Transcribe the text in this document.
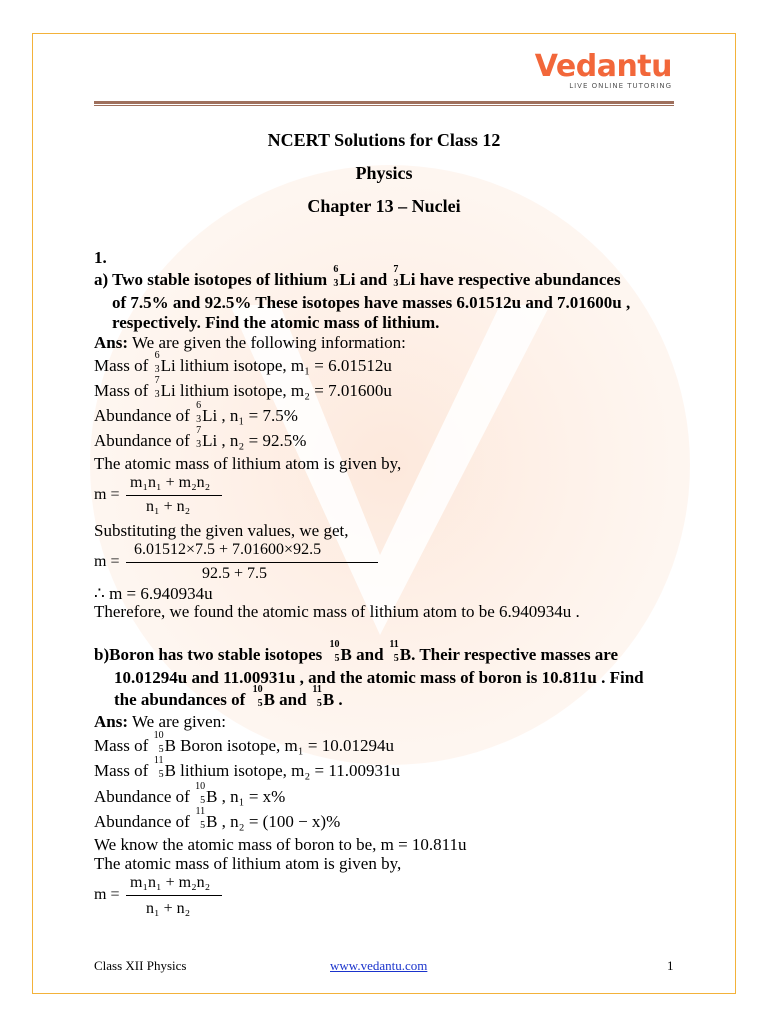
Vedantu
LIVE ONLINE TUTORING
NCERT Solutions for Class 12
Physics
Chapter 13 – Nuclei
1.
a) Two stable isotopes of lithium
6
3 Li and
7
3 Li have respective abundances
of 7.5% and 92.5% These isotopes have masses 6.01512u and 7.01600u ,
respectively. Find the atomic mass of lithium.
Ans: We are given the following information:
Mass of
6
3 Li lithium isotope, m₁ = 6.01512u
Mass of
7
3 Li lithium isotope, m₂ = 7.01600u
Abundance of
6
3 Li , n₁ = 7.5%
Abundance of
7
3 Li , n₂ = 92.5%
The atomic mass of lithium atom is given by,
m =
m₁n₁ + m₂n₂
n₁ + n₂
Substituting the given values, we get,
m =
6.01512×7.5 + 7.01600×92.5
92.5 + 7.5
∴ m = 6.940934u
Therefore, we found the atomic mass of lithium atom to be 6.940934u .
b)Boron has two stable isotopes
10
5 B and
11
5 B. Their respective masses are
10.01294u and 11.00931u , and the atomic mass of boron is 10.811u . Find
the abundances of
10
5 B and
11
5 B .
Ans: We are given:
Mass of
10
5 B Boron isotope, m₁ = 10.01294u
Mass of
11
5 B lithium isotope, m₂ = 11.00931u
Abundance of
10
5 B , n₁ = x%
Abundance of
11
5 B , n₂ = (100 − x)%
We know the atomic mass of boron to be, m = 10.811u
The atomic mass of lithium atom is given by,
m =
m₁n₁ + m₂n₂
n₁ + n₂
Class XII Physics	www.vedantu.com	1
